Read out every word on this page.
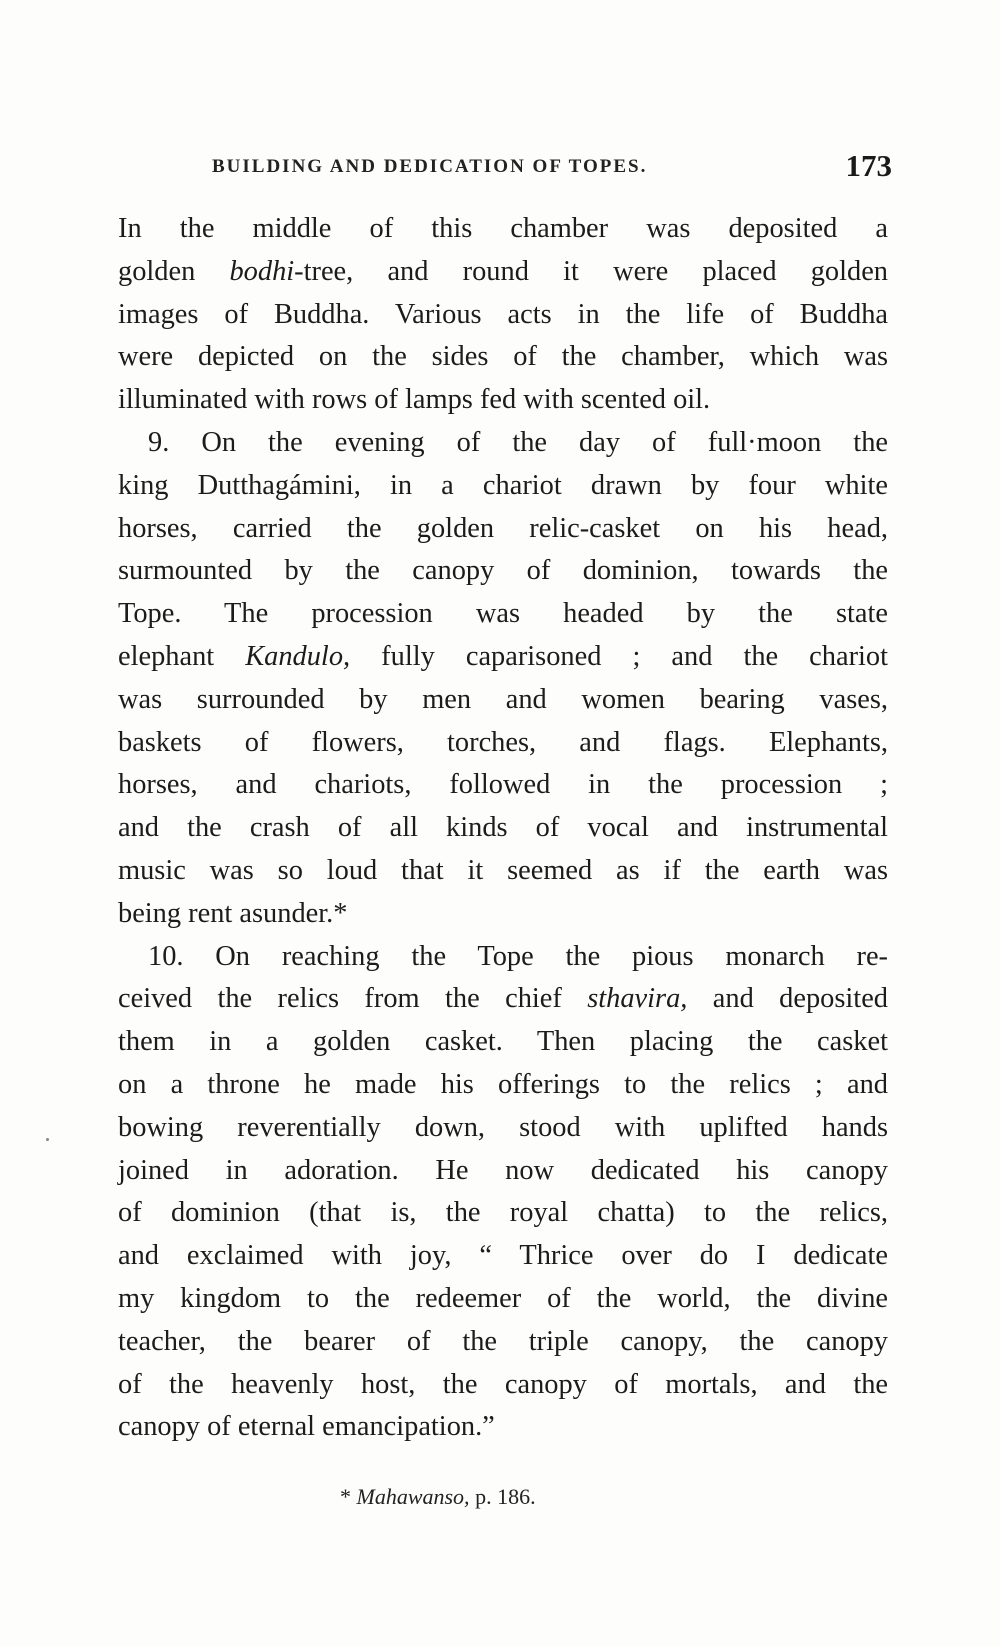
BUILDING AND DEDICATION OF TOPES.	173
In the middle of this chamber was deposited a
golden bodhi-tree, and round it were placed golden
images of Buddha. Various acts in the life of Buddha
were depicted on the sides of the chamber, which was
illuminated with rows of lamps fed with scented oil.
9. On the evening of the day of full·moon the
king Dutthagámini, in a chariot drawn by four white
horses, carried the golden relic-casket on his head,
surmounted by the canopy of dominion, towards the
Tope. The procession was headed by the state
elephant Kandulo, fully caparisoned ; and the chariot
was surrounded by men and women bearing vases,
baskets of flowers, torches, and flags. Elephants,
horses, and chariots, followed in the procession ;
and the crash of all kinds of vocal and instrumental
music was so loud that it seemed as if the earth was
being rent asunder.*
10. On reaching the Tope the pious monarch re-
ceived the relics from the chief sthavira, and deposited
them in a golden casket. Then placing the casket
on a throne he made his offerings to the relics ; and
bowing reverentially down, stood with uplifted hands
joined in adoration. He now dedicated his canopy
of dominion (that is, the royal chatta) to the relics,
and exclaimed with joy, “ Thrice over do I dedicate
my kingdom to the redeemer of the world, the divine
teacher, the bearer of the triple canopy, the canopy
of the heavenly host, the canopy of mortals, and the
canopy of eternal emancipation.”
* Mahawanso, p. 186.
